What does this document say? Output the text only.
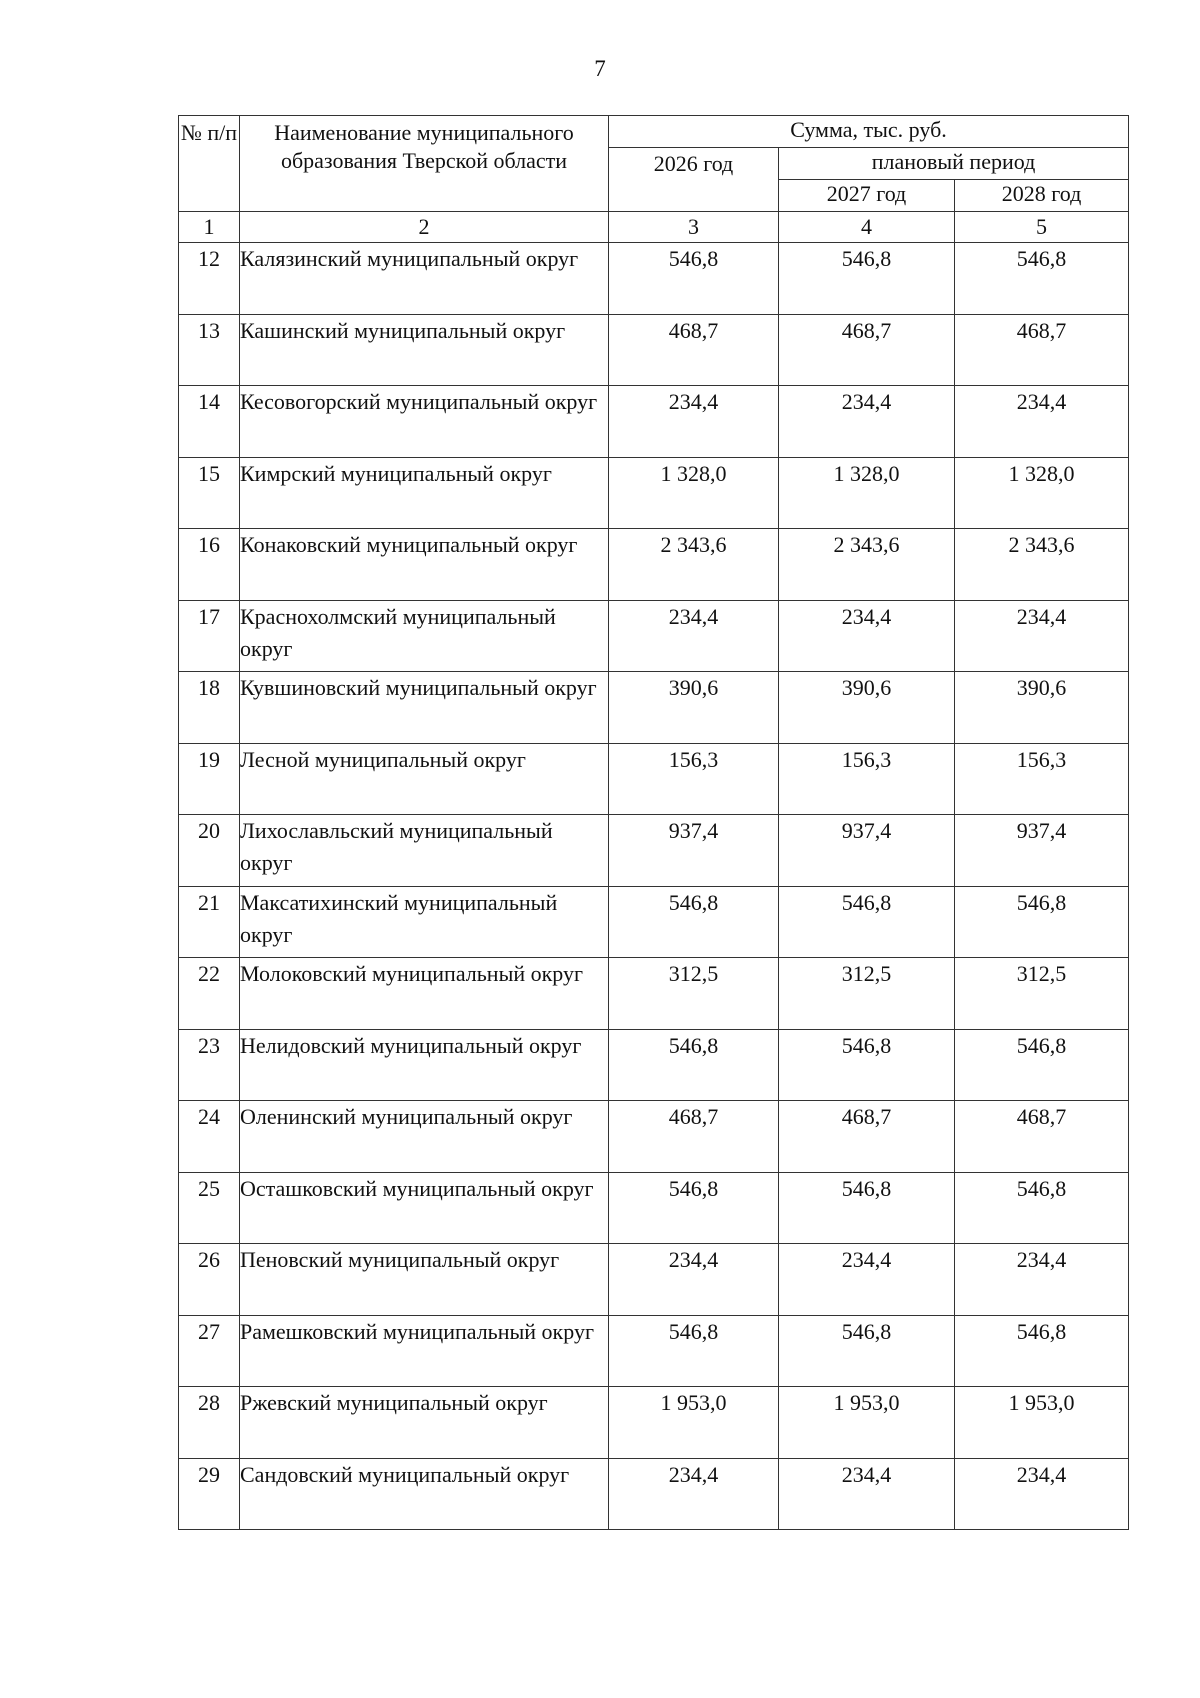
7
№ п/п	Наименование муниципального образования Тверской области	Сумма, тыс. руб.		
		2026 год	плановый период	
			2027 год	2028 год
1	2	3	4	5
12	Калязинский муниципальный округ	546,8	546,8	546,8
13	Кашинский муниципальный округ	468,7	468,7	468,7
14	Кесовогорский муниципальный округ	234,4	234,4	234,4
15	Кимрский муниципальный округ	1 328,0	1 328,0	1 328,0
16	Конаковский муниципальный округ	2 343,6	2 343,6	2 343,6
17	Краснохолмский муниципальный округ	234,4	234,4	234,4
18	Кувшиновский муниципальный округ	390,6	390,6	390,6
19	Лесной муниципальный округ	156,3	156,3	156,3
20	Лихославльский муниципальный округ	937,4	937,4	937,4
21	Максатихинский муниципальный округ	546,8	546,8	546,8
22	Молоковский муниципальный округ	312,5	312,5	312,5
23	Нелидовский муниципальный округ	546,8	546,8	546,8
24	Оленинский муниципальный округ	468,7	468,7	468,7
25	Осташковский муниципальный округ	546,8	546,8	546,8
26	Пеновский муниципальный округ	234,4	234,4	234,4
27	Рамешковский муниципальный округ	546,8	546,8	546,8
28	Ржевский муниципальный округ	1 953,0	1 953,0	1 953,0
29	Сандовский муниципальный округ	234,4	234,4	234,4
